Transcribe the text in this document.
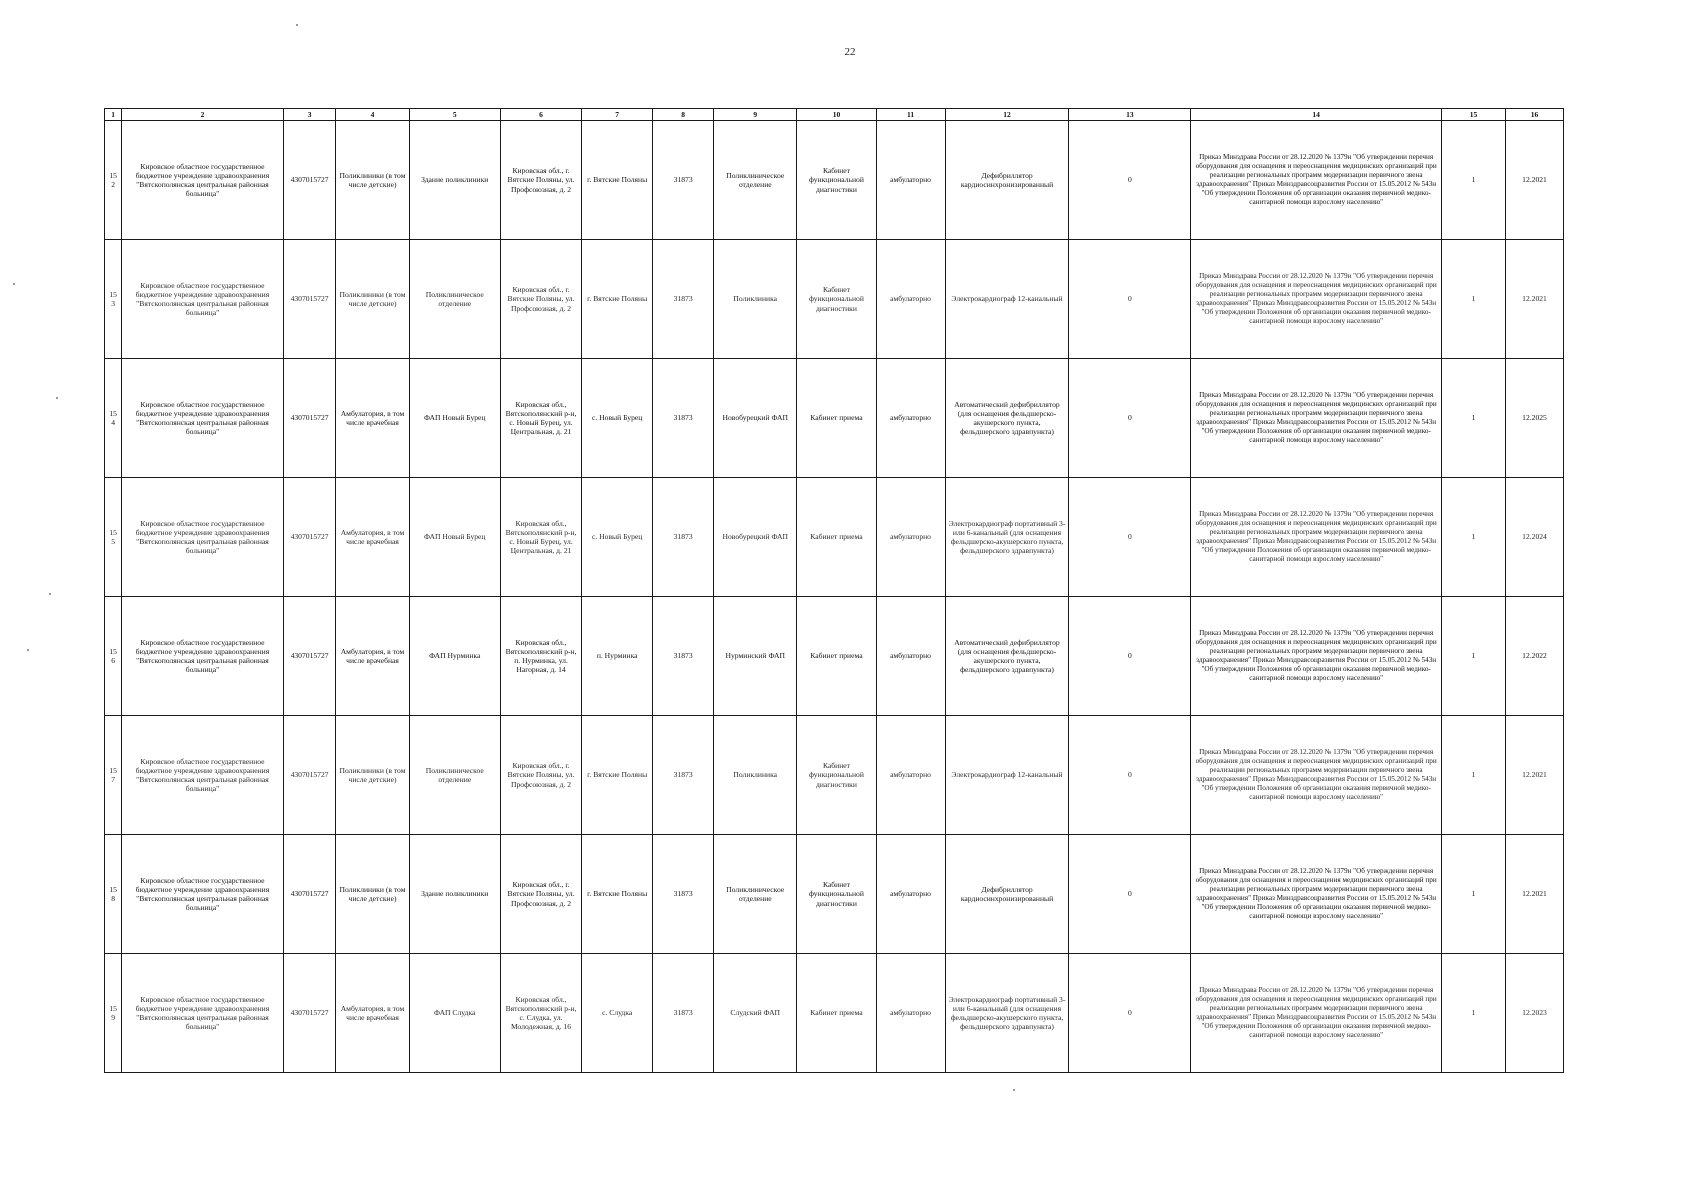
22
1	2	3	4	5	6	7	8	9	10	11	12	13	14	15	16
152	Кировское областное государственное бюджетное учреждение здравоохранения "Вятскополянская центральная районная больница"	4307015727	Поликлиники (в том числе детские)	Здание поликлиники	Кировская обл., г. Вятские Поляны, ул. Профсоюзная, д. 2	г. Вятские Поляны	31873	Поликлиническое отделение	Кабинет функциональной диагностики	амбулаторно	Дефибриллятор кардиосинхронизированный	0	Приказ Минздрава России от 28.12.2020 № 1379н "Об утверждении перечня оборудования для оснащения и переоснащения медицинских организаций при реализации региональных программ модернизации первичного звена здравоохранения" Приказ Минздравсоцразвития России от 15.05.2012 № 543н "Об утверждении Положения об организации оказания первичной медико-санитарной помощи взрослому населению"	1	12.2021
153	Кировское областное государственное бюджетное учреждение здравоохранения "Вятскополянская центральная районная больница"	4307015727	Поликлиники (в том числе детские)	Поликлиническое отделение	Кировская обл., г. Вятские Поляны, ул. Профсоюзная, д. 2	г. Вятские Поляны	31873	Поликлиника	Кабинет функциональной диагностики	амбулаторно	Электрокардиограф 12-канальный	0	Приказ Минздрава России от 28.12.2020 № 1379н "Об утверждении перечня оборудования для оснащения и переоснащения медицинских организаций при реализации региональных программ модернизации первичного звена здравоохранения" Приказ Минздравсоцразвития России от 15.05.2012 № 543н "Об утверждении Положения об организации оказания первичной медико-санитарной помощи взрослому населению"	1	12.2021
154	Кировское областное государственное бюджетное учреждение здравоохранения "Вятскополянская центральная районная больница"	4307015727	Амбулатория, в том числе врачебная	ФАП Новый Бурец	Кировская обл., Вятскополянский р-н, с. Новый Бурец, ул. Центральная, д. 21	с. Новый Бурец	31873	Новобурецкий ФАП	Кабинет приема	амбулаторно	Автоматический дефибриллятор (для оснащения фельдшерско-акушерского пункта, фельдшерского здравпункта)	0	Приказ Минздрава России от 28.12.2020 № 1379н "Об утверждении перечня оборудования для оснащения и переоснащения медицинских организаций при реализации региональных программ модернизации первичного звена здравоохранения" Приказ Минздравсоцразвития России от 15.05.2012 № 543н "Об утверждении Положения об организации оказания первичной медико-санитарной помощи взрослому населению"	1	12.2025
155	Кировское областное государственное бюджетное учреждение здравоохранения "Вятскополянская центральная районная больница"	4307015727	Амбулатория, в том числе врачебная	ФАП Новый Бурец	Кировская обл., Вятскополянский р-н, с. Новый Бурец, ул. Центральная, д. 21	с. Новый Бурец	31873	Новобурецкий ФАП	Кабинет приема	амбулаторно	Электрокардиограф портативный 3- или 6-канальный (для оснащения фельдшерско-акушерского пункта, фельдшерского здравпункта)	0	Приказ Минздрава России от 28.12.2020 № 1379н "Об утверждении перечня оборудования для оснащения и переоснащения медицинских организаций при реализации региональных программ модернизации первичного звена здравоохранения" Приказ Минздравсоцразвития России от 15.05.2012 № 543н "Об утверждении Положения об организации оказания первичной медико-санитарной помощи взрослому населению"	1	12.2024
156	Кировское областное государственное бюджетное учреждение здравоохранения "Вятскополянская центральная районная больница"	4307015727	Амбулатория, в том числе врачебная	ФАП Нурминка	Кировская обл., Вятскополянский р-н, п. Нурминка, ул. Нагорная, д. 14	п. Нурминка	31873	Нурминский ФАП	Кабинет приема	амбулаторно	Автоматический дефибриллятор (для оснащения фельдшерско-акушерского пункта, фельдшерского здравпункта)	0	Приказ Минздрава России от 28.12.2020 № 1379н "Об утверждении перечня оборудования для оснащения и переоснащения медицинских организаций при реализации региональных программ модернизации первичного звена здравоохранения" Приказ Минздравсоцразвития России от 15.05.2012 № 543н "Об утверждении Положения об организации оказания первичной медико-санитарной помощи взрослому населению"	1	12.2022
157	Кировское областное государственное бюджетное учреждение здравоохранения "Вятскополянская центральная районная больница"	4307015727	Поликлиники (в том числе детские)	Поликлиническое отделение	Кировская обл., г. Вятские Поляны, ул. Профсоюзная, д. 2	г. Вятские Поляны	31873	Поликлиника	Кабинет функциональной диагностики	амбулаторно	Электрокардиограф 12-канальный	0	Приказ Минздрава России от 28.12.2020 № 1379н "Об утверждении перечня оборудования для оснащения и переоснащения медицинских организаций при реализации региональных программ модернизации первичного звена здравоохранения" Приказ Минздравсоцразвития России от 15.05.2012 № 543н "Об утверждении Положения об организации оказания первичной медико-санитарной помощи взрослому населению"	1	12.2021
158	Кировское областное государственное бюджетное учреждение здравоохранения "Вятскополянская центральная районная больница"	4307015727	Поликлиники (в том числе детские)	Здание поликлиники	Кировская обл., г. Вятские Поляны, ул. Профсоюзная, д. 2	г. Вятские Поляны	31873	Поликлиническое отделение	Кабинет функциональной диагностики	амбулаторно	Дефибриллятор кардиосинхронизированный	0	Приказ Минздрава России от 28.12.2020 № 1379н "Об утверждении перечня оборудования для оснащения и переоснащения медицинских организаций при реализации региональных программ модернизации первичного звена здравоохранения" Приказ Минздравсоцразвития России от 15.05.2012 № 543н "Об утверждении Положения об организации оказания первичной медико-санитарной помощи взрослому населению"	1	12.2021
159	Кировское областное государственное бюджетное учреждение здравоохранения "Вятскополянская центральная районная больница"	4307015727	Амбулатория, в том числе врачебная	ФАП Слудка	Кировская обл., Вятскополянский р-н, с. Слудка, ул. Молодежная, д. 16	с. Слудка	31873	Слудский ФАП	Кабинет приема	амбулаторно	Электрокардиограф портативный 3- или 6-канальный (для оснащения фельдшерско-акушерского пункта, фельдшерского здравпункта)	0	Приказ Минздрава России от 28.12.2020 № 1379н "Об утверждении перечня оборудования для оснащения и переоснащения медицинских организаций при реализации региональных программ модернизации первичного звена здравоохранения" Приказ Минздравсоцразвития России от 15.05.2012 № 543н "Об утверждении Положения об организации оказания первичной медико-санитарной помощи взрослому населению"	1	12.2023
